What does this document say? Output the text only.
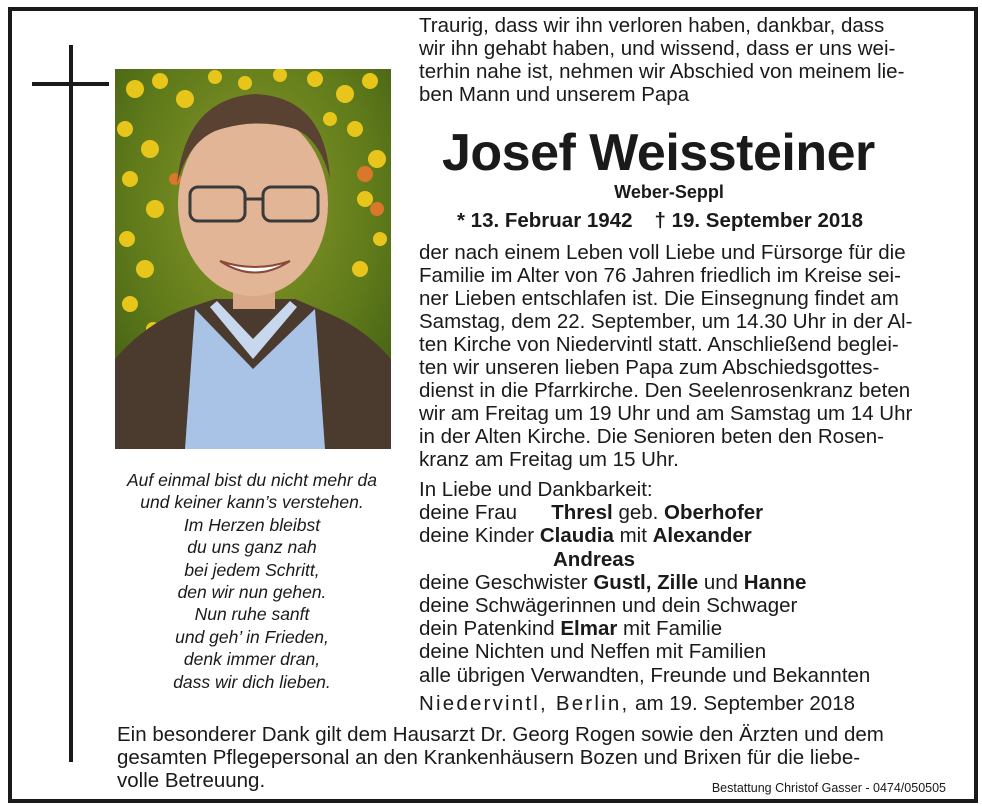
Auf einmal bist du nicht mehr da
und keiner kann’s verstehen.
Im Herzen bleibst
du uns ganz nah
bei jedem Schritt,
den wir nun gehen.
Nun ruhe sanft
und geh’ in Frieden,
denk immer dran,
dass wir dich lieben.
Traurig, dass wir ihn verloren haben, dankbar, dass
wir ihn gehabt haben, und wissend, dass er uns wei-
terhin nahe ist, nehmen wir Abschied von meinem lie-
ben Mann und unserem Papa
Josef Weissteiner
Weber-Seppl
* 13. Februar 1942 † 19. September 2018
der nach einem Leben voll Liebe und Fürsorge für die
Familie im Alter von 76 Jahren friedlich im Kreise sei-
ner Lieben entschlafen ist. Die Einsegnung findet am
Samstag, dem 22. September, um 14.30 Uhr in der Al-
ten Kirche von Niedervintl statt. Anschließend beglei-
ten wir unseren lieben Papa zum Abschiedsgottes-
dienst in die Pfarrkirche. Den Seelenrosenkranz beten
wir am Freitag um 19 Uhr und am Samstag um 14 Uhr
in der Alten Kirche. Die Senioren beten den Rosen-
kranz am Freitag um 15 Uhr.
In Liebe und Dankbarkeit:
deine Frau Thresl geb. Oberhofer
deine Kinder Claudia mit Alexander
Andreas
deine Geschwister Gustl, Zille und Hanne
deine Schwägerinnen und dein Schwager
dein Patenkind Elmar mit Familie
deine Nichten und Neffen mit Familien
alle übrigen Verwandten, Freunde und Bekannten
Niedervintl, Berlin, am 19. September 2018
Ein besonderer Dank gilt dem Hausarzt Dr. Georg Rogen sowie den Ärzten und dem
gesamten Pflegepersonal an den Krankenhäusern Bozen und Brixen für die liebe-
volle Betreuung.	Bestattung Christof Gasser - 0474/050505
